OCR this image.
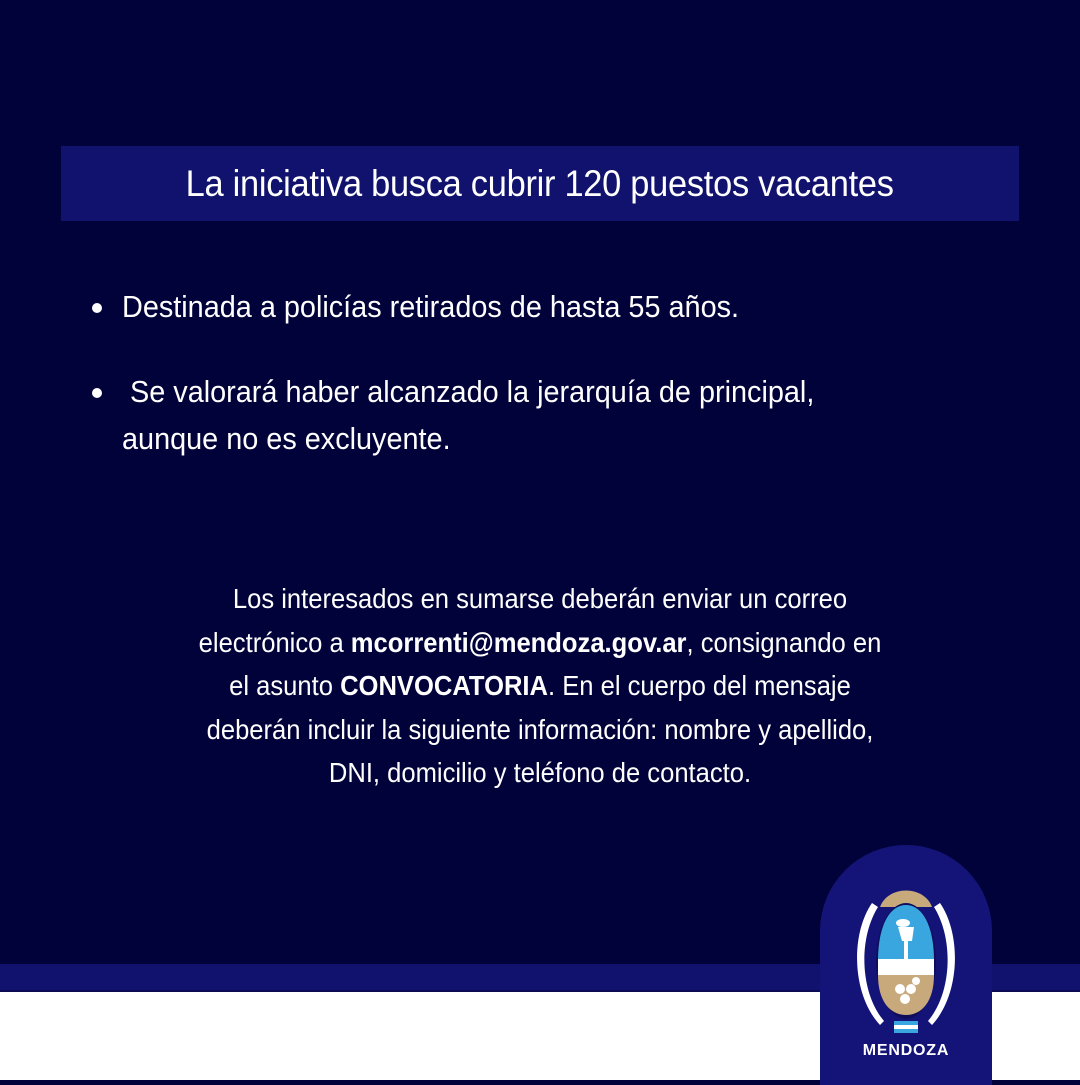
La iniciativa busca cubrir 120 puestos vacantes
Destinada a policías retirados de hasta 55 años.
Se valorará haber alcanzado la jerarquía de principal,
aunque no es excluyente.
Los interesados en sumarse deberán enviar un correo
electrónico a mcorrenti@mendoza.gov.ar, consignando en
el asunto CONVOCATORIA. En el cuerpo del mensaje
deberán incluir la siguiente información: nombre y apellido,
DNI, domicilio y teléfono de contacto.
MENDOZA
